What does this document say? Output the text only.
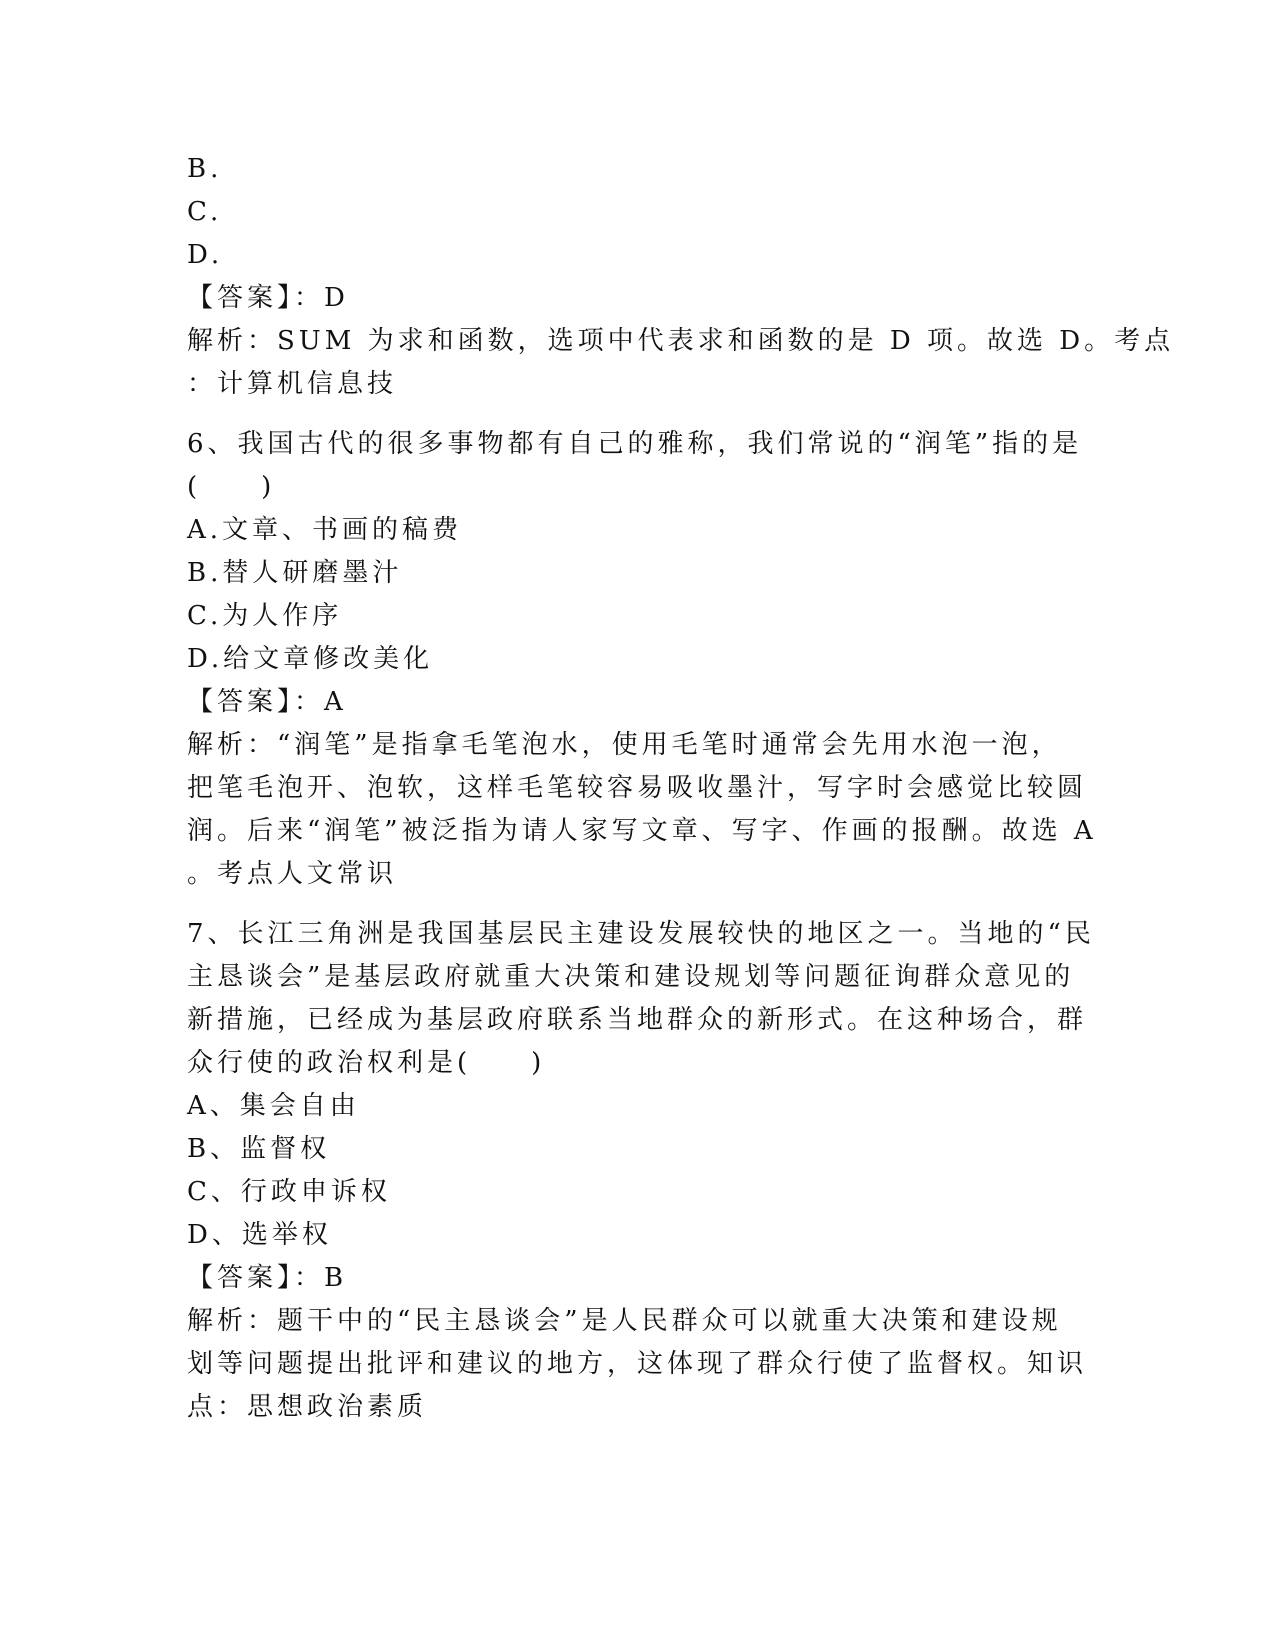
B.
C.
D.
【答案】：D
解析：SUM 为求和函数，选项中代表求和函数的是 D 项。故选 D。考点
：计算机信息技
6、我国古代的很多事物都有自己的雅称，我们常说的“润笔”指的是
(　　)
A.文章、书画的稿费
B.替人研磨墨汁
C.为人作序
D.给文章修改美化
【答案】：A
解析：“润笔”是指拿毛笔泡水，使用毛笔时通常会先用水泡一泡，
把笔毛泡开、泡软，这样毛笔较容易吸收墨汁，写字时会感觉比较圆
润。后来“润笔”被泛指为请人家写文章、写字、作画的报酬。故选 A
。考点人文常识
7、长江三角洲是我国基层民主建设发展较快的地区之一。当地的“民
主恳谈会”是基层政府就重大决策和建设规划等问题征询群众意见的
新措施，已经成为基层政府联系当地群众的新形式。在这种场合，群
众行使的政治权利是(　　)
A、集会自由
B、监督权
C、行政申诉权
D、选举权
【答案】：B
解析：题干中的“民主恳谈会”是人民群众可以就重大决策和建设规
划等问题提出批评和建议的地方，这体现了群众行使了监督权。知识
点：思想政治素质
